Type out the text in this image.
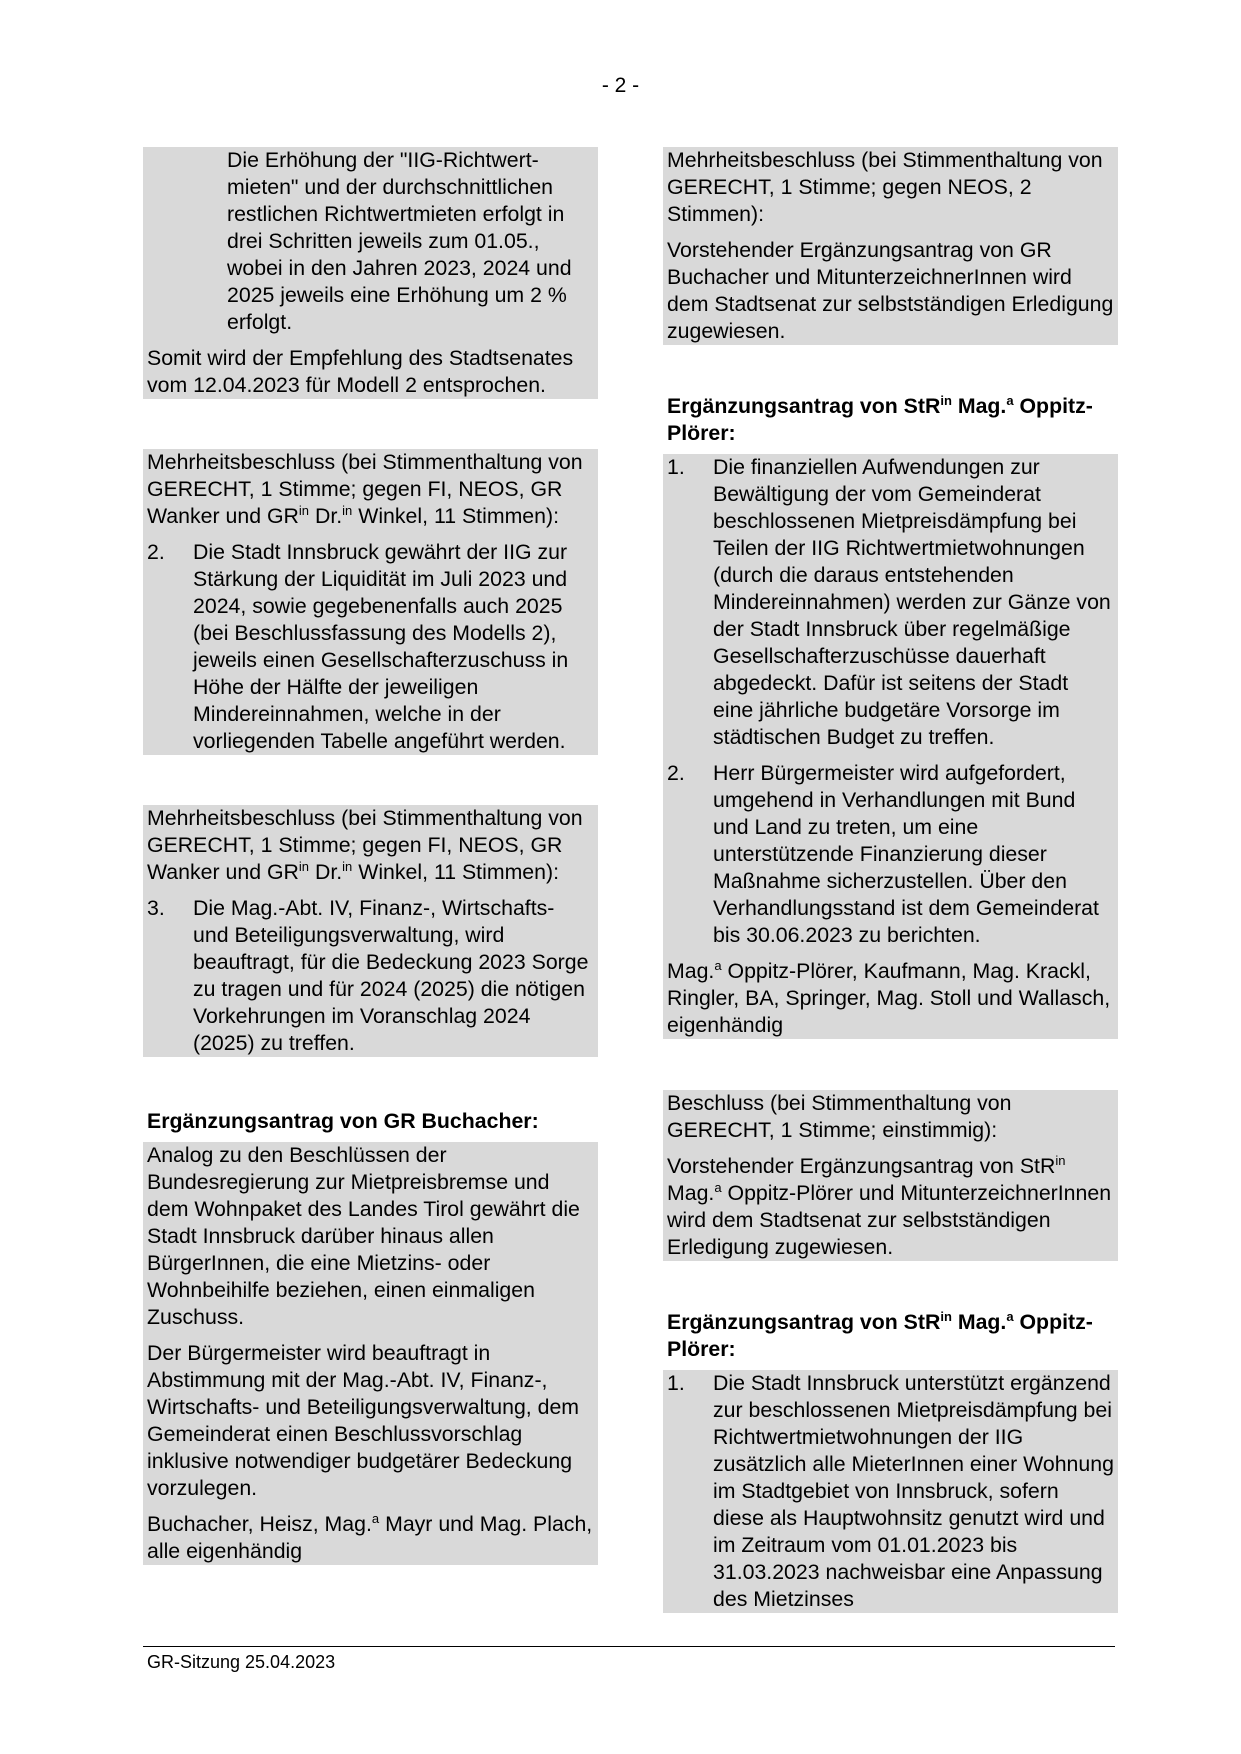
- 2 -

Die Erhöhung der "IIG-Richtwert-mieten" und der durchschnittlichen restlichen Richtwertmieten erfolgt in drei Schritten jeweils zum 01.05., wobei in den Jahren 2023, 2024 und 2025 jeweils eine Erhöhung um 2 % erfolgt.

Somit wird der Empfehlung des Stadtsenates vom 12.04.2023 für Modell 2 entsprochen.

Mehrheitsbeschluss (bei Stimmenthaltung von GERECHT, 1 Stimme; gegen FI, NEOS, GR Wanker und $GR^{in}$ Dr.$^{in}$ Winkel, 11 Stimmen):

2.	Die Stadt Innsbruck gewährt der IIG zur Stärkung der Liquidität im Juli 2023 und 2024, sowie gegebenenfalls auch 2025 (bei Beschlussfassung des Modells 2), jeweils einen Gesellschafterzuschuss in Höhe der Hälfte der jeweiligen Mindereinnahmen, welche in der vorliegenden Tabelle angeführt werden.

Mehrheitsbeschluss (bei Stimmenthaltung von GERECHT, 1 Stimme; gegen FI, NEOS, GR Wanker und $GR^{in}$ Dr.$^{in}$ Winkel, 11 Stimmen):

3.	Die Mag.-Abt. IV, Finanz-, Wirtschafts- und Beteiligungsverwaltung, wird beauftragt, für die Bedeckung 2023 Sorge zu tragen und für 2024 (2025) die nötigen Vorkehrungen im Voranschlag 2024 (2025) zu treffen.

Ergänzungsantrag von GR Buchacher:

Analog zu den Beschlüssen der Bundesregierung zur Mietpreisbremse und dem Wohnpaket des Landes Tirol gewährt die Stadt Innsbruck darüber hinaus allen BürgerInnen, die eine Mietzins- oder Wohnbeihilfe beziehen, einen einmaligen Zuschuss.

Der Bürgermeister wird beauftragt in Abstimmung mit der Mag.-Abt. IV, Finanz-, Wirtschafts- und Beteiligungsverwaltung, dem Gemeinderat einen Beschlussvorschlag inklusive notwendiger budgetärer Bedeckung vorzulegen.

Buchacher, Heisz, Mag.$^a$ Mayr und Mag. Plach, alle eigenhändig

Mehrheitsbeschluss (bei Stimmenthaltung von GERECHT, 1 Stimme; gegen NEOS, 2 Stimmen):

Vorstehender Ergänzungsantrag von GR Buchacher und MitunterzeichnerInnen wird dem Stadtsenat zur selbstständigen Erledigung zugewiesen.

Ergänzungsantrag von StR$^{in}$ Mag.$^a$ Oppitz-Plörer:

1.	Die finanziellen Aufwendungen zur Bewältigung der vom Gemeinderat beschlossenen Mietpreisdämpfung bei Teilen der IIG Richtwertmietwohnungen (durch die daraus entstehenden Mindereinnahmen) werden zur Gänze von der Stadt Innsbruck über regelmäßige Gesellschafterzuschüsse dauerhaft abgedeckt. Dafür ist seitens der Stadt eine jährliche budgetäre Vorsorge im städtischen Budget zu treffen.

2.	Herr Bürgermeister wird aufgefordert, umgehend in Verhandlungen mit Bund und Land zu treten, um eine unterstützende Finanzierung dieser Maßnahme sicherzustellen. Über den Verhandlungsstand ist dem Gemeinderat bis 30.06.2023 zu berichten.

Mag.$^a$ Oppitz-Plörer, Kaufmann, Mag. Krackl, Ringler, BA, Springer, Mag. Stoll und Wallasch, eigenhändig

Beschluss (bei Stimmenthaltung von GERECHT, 1 Stimme; einstimmig):

Vorstehender Ergänzungsantrag von StR$^{in}$ Mag.$^a$ Oppitz-Plörer und MitunterzeichnerInnen wird dem Stadtsenat zur selbstständigen Erledigung zugewiesen.

Ergänzungsantrag von StR$^{in}$ Mag.$^a$ Oppitz-Plörer:

1.	Die Stadt Innsbruck unterstützt ergänzend zur beschlossenen Mietpreisdämpfung bei Richtwertmietwohnungen der IIG zusätzlich alle MieterInnen einer Wohnung im Stadtgebiet von Innsbruck, sofern diese als Hauptwohnsitz genutzt wird und im Zeitraum vom 01.01.2023 bis 31.03.2023 nachweisbar eine Anpassung des Mietzinses

GR-Sitzung 25.04.2023
